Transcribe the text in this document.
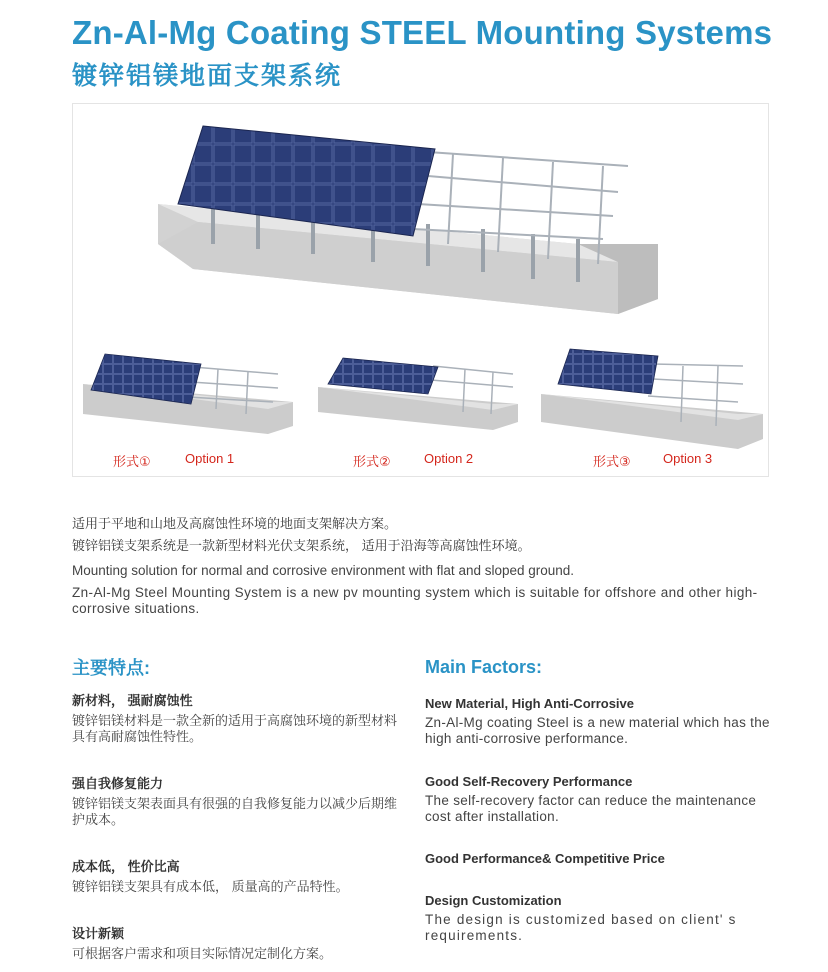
Zn-Al-Mg Coating STEEL Mounting Systems
镀锌铝镁地面支架系统
形式①	Option 1	形式②	Option 2	形式③ Option 3
适用于平地和山地及高腐蚀性环境的地面支架解决方案。
镀锌铝镁支架系统是一款新型材料光伏支架系统， 适用于沿海等高腐蚀性环境。
Mounting solution for normal and corrosive environment with flat and sloped ground.
Zn-Al-Mg Steel Mounting System is a new pv mounting system which is suitable for offshore and other high-corrosive situations.
主要特点:	Main Factors:

新材料， 强耐腐蚀性

镀锌铝镁材料是一款全新的适用于高腐蚀环境的新型材料具有高耐腐蚀性特性。

强自我修复能力

镀锌铝镁支架表面具有很强的自我修复能力以减少后期维护成本。

成本低， 性价比高

镀锌铝镁支架具有成本低， 质量高的产品特性。

设计新颖

可根据客户需求和项目实际情况定制化方案。

New Material, High Anti-Corrosive

Zn-Al-Mg coating Steel is a new material which has the high anti-corrosive performance.

Good Self-Recovery Performance

The self-recovery factor can reduce the maintenance cost after installation.

Good Performance& Competitive Price

Design Customization

The design is customized based on client' s requirements.
